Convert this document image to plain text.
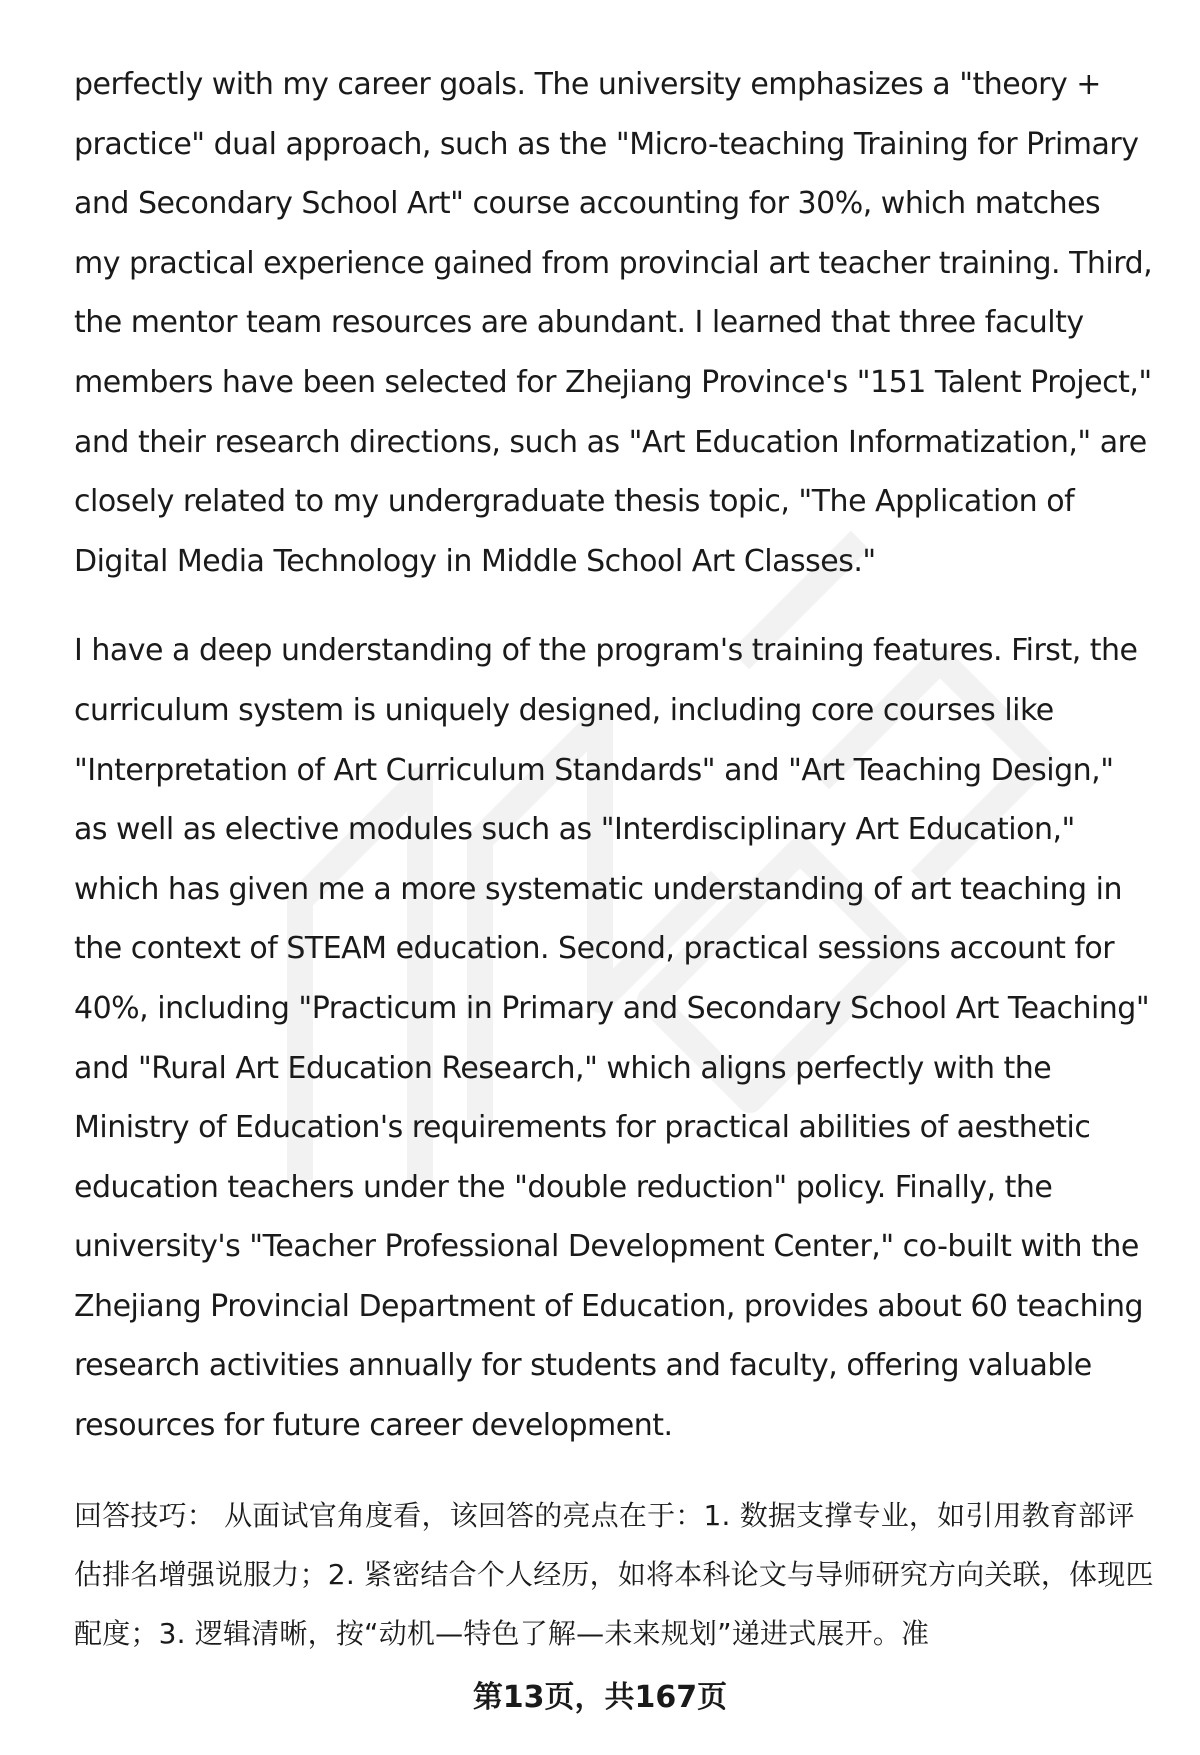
perfectly with my career goals. The university emphasizes a "theory + practice" dual approach, such as the "Micro-teaching Training for Primary and Secondary School Art" course accounting for 30%, which matches my practical experience gained from provincial art teacher training. Third, the mentor team resources are abundant. I learned that three faculty members have been selected for Zhejiang Province's "151 Talent Project," and their research directions, such as "Art Education Informatization," are closely related to my undergraduate thesis topic, "The Application of Digital Media Technology in Middle School Art Classes."

I have a deep understanding of the program's training features. First, the curriculum system is uniquely designed, including core courses like "Interpretation of Art Curriculum Standards" and "Art Teaching Design," as well as elective modules such as "Interdisciplinary Art Education," which has given me a more systematic understanding of art teaching in the context of STEAM education. Second, practical sessions account for 40%, including "Practicum in Primary and Secondary School Art Teaching" and "Rural Art Education Research," which aligns perfectly with the Ministry of Education's requirements for practical abilities of aesthetic education teachers under the "double reduction" policy. Finally, the university's "Teacher Professional Development Center," co-built with the Zhejiang Provincial Department of Education, provides about 60 teaching research activities annually for students and faculty, offering valuable resources for future career development.

回答技巧： 从面试官角度看，该回答的亮点在于：1. 数据支撑专业，如引用教育部评估排名增强说服力；2. 紧密结合个人经历，如将本科论文与导师研究方向关联，体现匹配度；3. 逻辑清晰，按“动机—特色了解—未来规划”递进式展开。准

第13页，共167页
